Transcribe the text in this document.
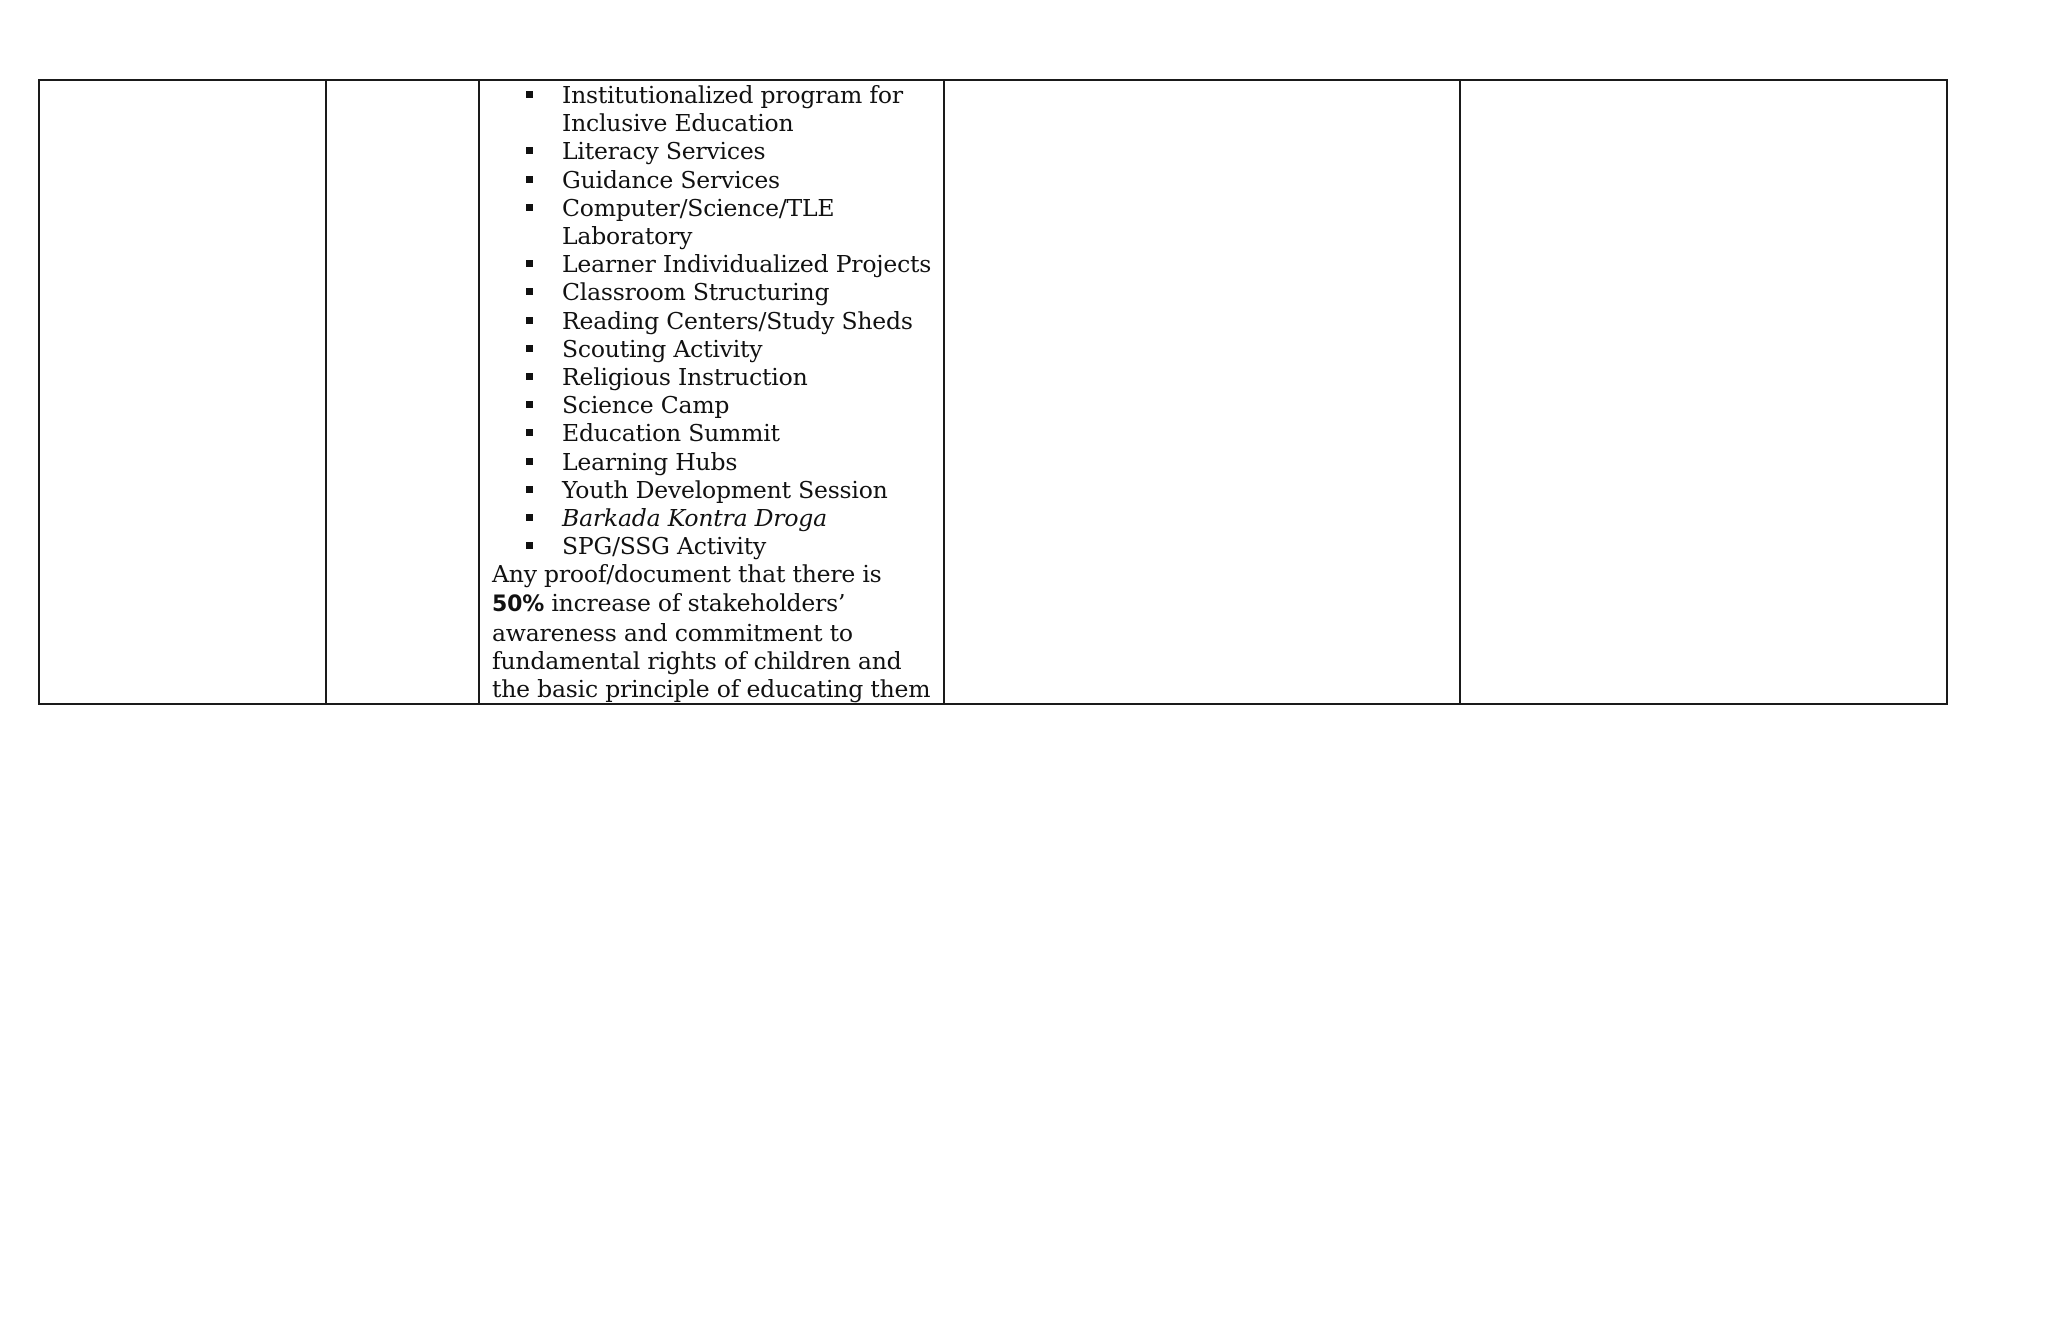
Institutionalized program for
Inclusive Education
Literacy Services
Guidance Services
Computer/Science/TLE
Laboratory
Learner Individualized Projects
Classroom Structuring
Reading Centers/Study Sheds
Scouting Activity
Religious Instruction
Science Camp
Education Summit
Learning Hubs
Youth Development Session
Barkada Kontra Droga
SPG/SSG Activity
Any proof/document that there is
50% increase of stakeholders’
awareness and commitment to
fundamental rights of children and
the basic principle of educating them
